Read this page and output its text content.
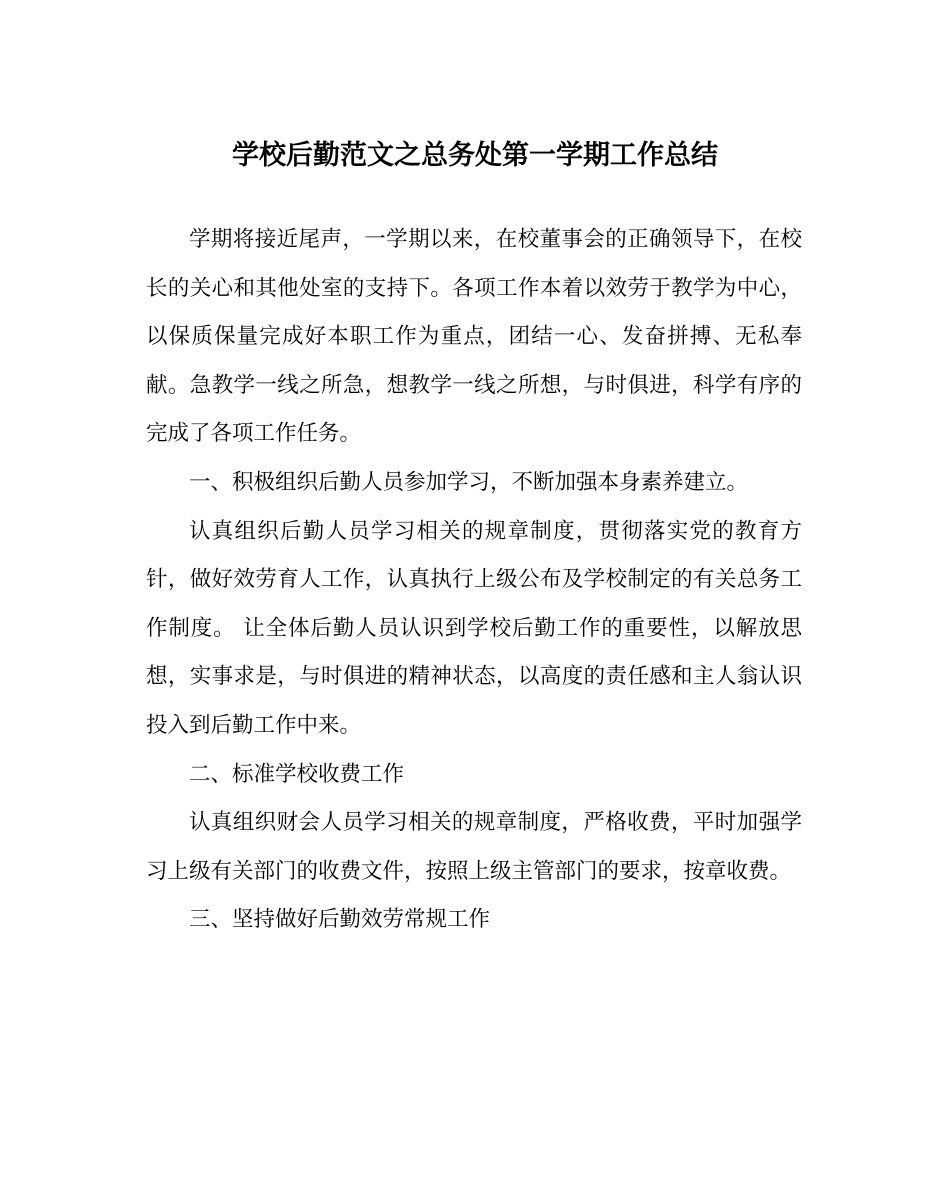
学校后勤范文之总务处第一学期工作总结

学期将接近尾声，一学期以来，在校董事会的正确领导下，在校长的关心和其他处室的支持下。各项工作本着以效劳于教学为中心，以保质保量完成好本职工作为重点，团结一心、发奋拼搏、无私奉献。急教学一线之所急，想教学一线之所想，与时俱进，科学有序的完成了各项工作任务。

一、积极组织后勤人员参加学习，不断加强本身素养建立。

认真组织后勤人员学习相关的规章制度，贯彻落实党的教育方针，做好效劳育人工作，认真执行上级公布及学校制定的有关总务工作制度。 让全体后勤人员认识到学校后勤工作的重要性，以解放思想，实事求是，与时俱进的精神状态，以高度的责任感和主人翁认识投入到后勤工作中来。

二、标准学校收费工作

认真组织财会人员学习相关的规章制度，严格收费，平时加强学习上级有关部门的收费文件，按照上级主管部门的要求，按章收费。

三、坚持做好后勤效劳常规工作
